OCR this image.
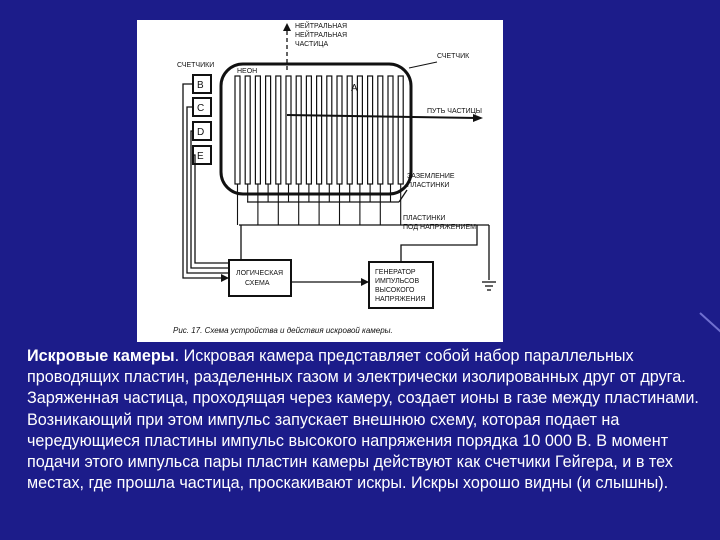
НЕЙТРАЛЬНАЯ
НЕЙТРАЛЬНАЯ
ЧАСТИЦА
СЧЕТЧИКИ
НЕОН
A
B
C
D
E
СЧЕТЧИК
ПУТЬ ЧАСТИЦЫ
ЗАЗЕМЛЕНИЕ
ПЛАСТИНКИ
ПЛАСТИНКИ
ПОД НАПРЯЖЕНИЕМ
ЛОГИЧЕСКАЯ
СХЕМА
ГЕНЕРАТОР
ИМПУЛЬСОВ
ВЫСОКОГО
НАПРЯЖЕНИЯ
Рис. 17. Схема устройства и действия искровой камеры.

Искровые камеры. Искровая камера представляет собой набор параллельных проводящих пластин, разделенных газом и электрически изолированных друг от друга. Заряженная частица, проходящая через камеру, создает ионы в газе между пластинами. Возникающий при этом импульс запускает внешнюю схему, которая подает на чередующиеся пластины импульс высокого напряжения порядка 10 000 В. В момент подачи этого импульса пары пластин камеры действуют как счетчики Гейгера, и в тех местах, где прошла частица, проскакивают искры. Искры хорошо видны (и слышны).
